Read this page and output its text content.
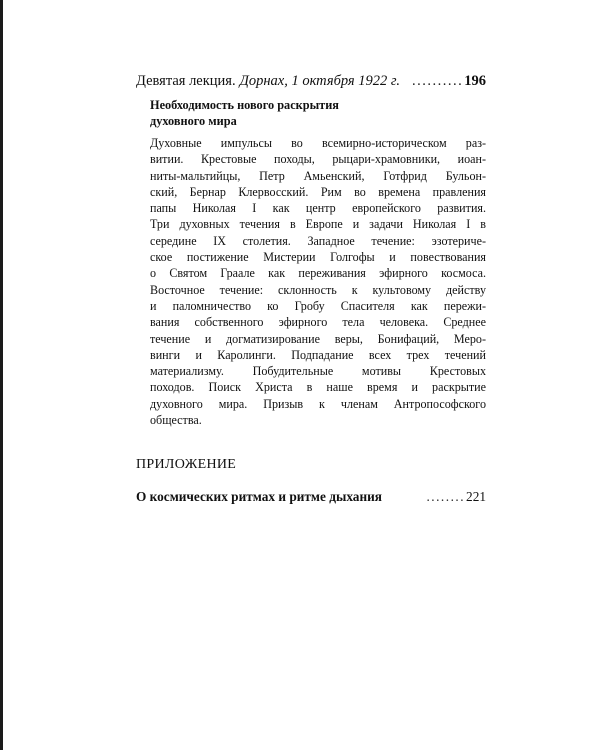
Девятая лекция. Дорнах, 1 октября 1922 г. .......... 196
Необходимость нового раскрытия
духовного мира
Духовные импульсы во всемирно-историческом раз-
витии. Крестовые походы, рыцари-храмовники, иоан-
ниты-мальтийцы, Петр Амьенский, Готфрид Бульон-
ский, Бернар Клервосский. Рим во времена правления
папы Николая I как центр европейского развития.
Три духовных течения в Европе и задачи Николая I в
середине IX столетия. Западное течение: эзотериче-
ское постижение Мистерии Голгофы и повествования
о Святом Граале как переживания эфирного космоса.
Восточное течение: склонность к культовому действу
и паломничество ко Гробу Спасителя как пережи-
вания собственного эфирного тела человека. Среднее
течение и догматизирование веры, Бонифаций, Меро-
винги и Каролинги. Подпадание всех трех течений
материализму. Побудительные мотивы Крестовых
походов. Поиск Христа в наше время и раскрытие
духовного мира. Призыв к членам Антропософского
общества.
ПРИЛОЖЕНИЕ
О космических ритмах и ритме дыхания	........ 221
